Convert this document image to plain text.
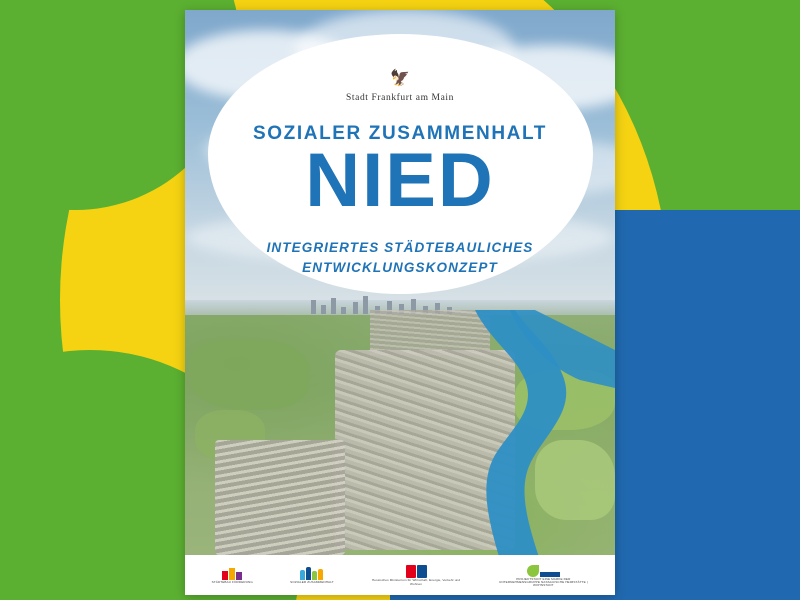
🦅
Stadt Frankfurt am Main
SOZIALER ZUSAMMENHALT
NIED
INTEGRIERTES STÄDTEBAULICHES
ENTWICKLUNGSKONZEPT
STÄDTEBAU FÖRDERUNG	SOZIALER ZUSAMMENHALT	Hessisches Ministerium für Wirtschaft, Energie, Verkehr und Wohnen
PROJEKTSTADT EINE MARKE DER UNTERNEHMENSGRUPPE NASSAUISCHE HEIMSTÄTTE | WOHNSTADT
